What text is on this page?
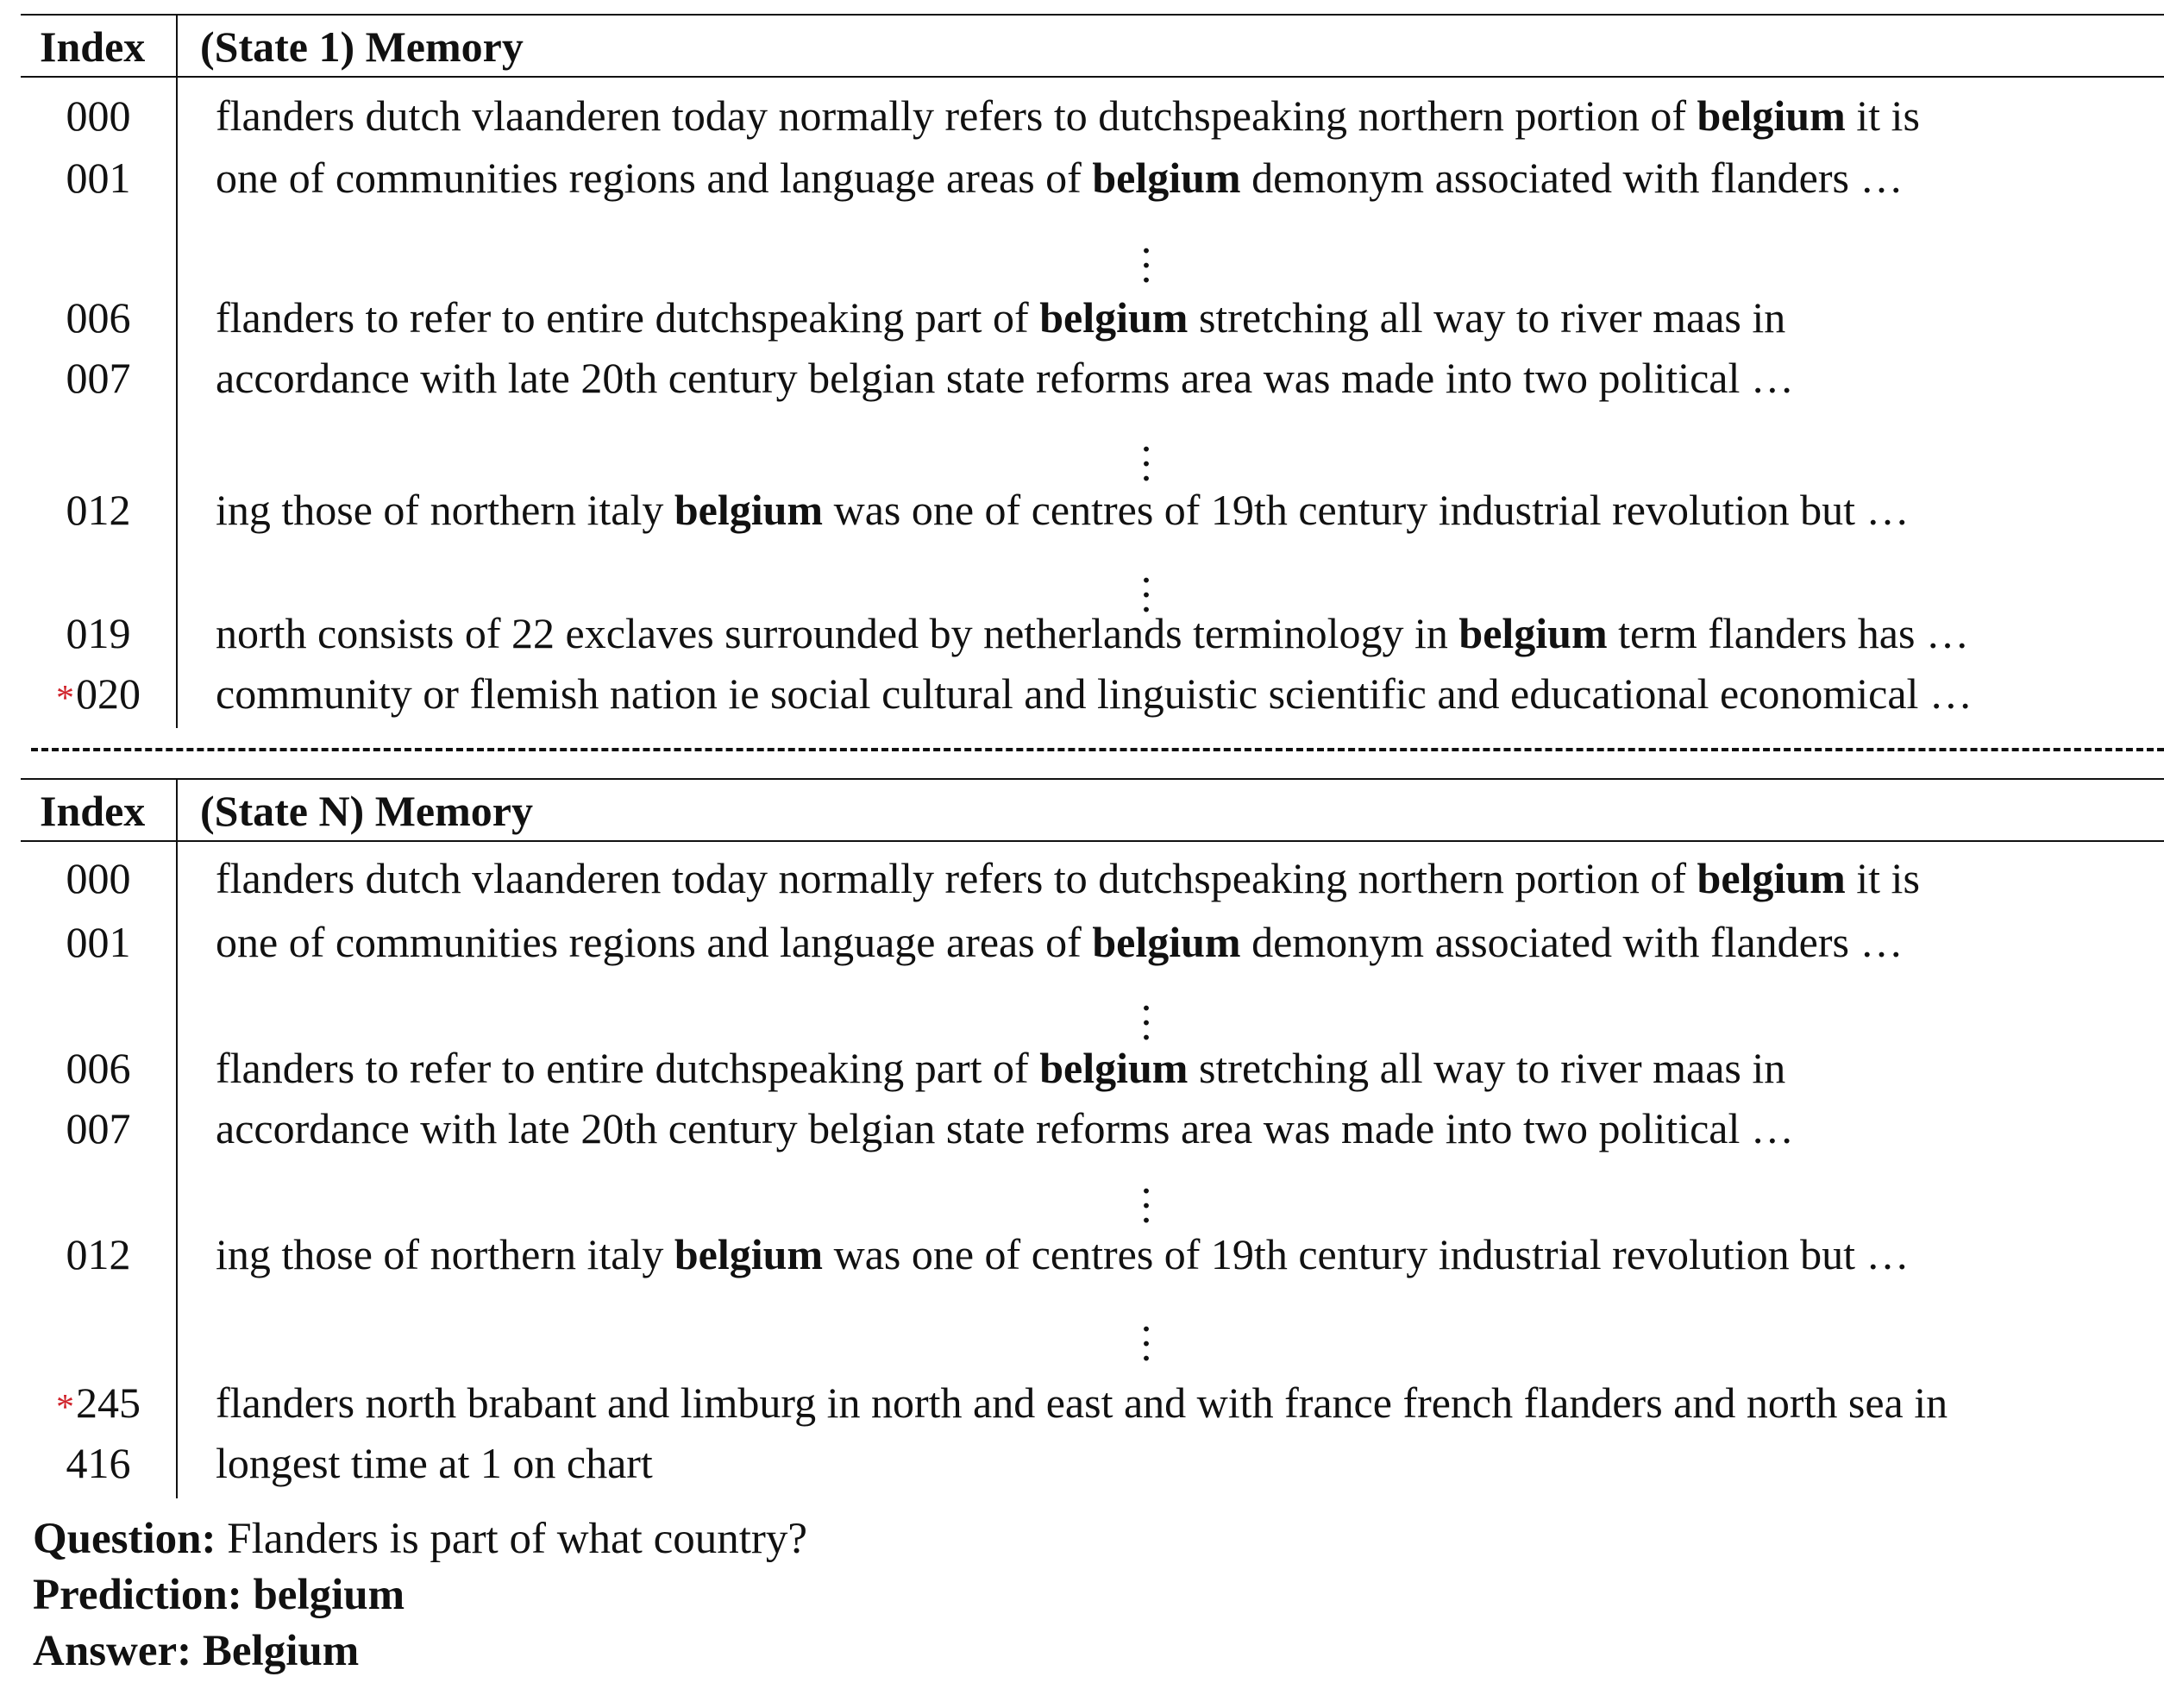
Index (State 1) Memory
000	flanders dutch vlaanderen today normally refers to dutchspeaking northern portion of belgium it is
001	one of communities regions and language areas of belgium demonym associated with flanders …
.
.
.
006	flanders to refer to entire dutchspeaking part of belgium stretching all way to river maas in
007	accordance with late 20th century belgian state reforms area was made into two political …
.
.
.
012	ing those of northern italy belgium was one of centres of 19th century industrial revolution but …
.
.
.
019	north consists of 22 exclaves surrounded by netherlands terminology in belgium term flanders has …
*020	community or flemish nation ie social cultural and linguistic scientific and educational economical …
Index (State N) Memory
000	flanders dutch vlaanderen today normally refers to dutchspeaking northern portion of belgium it is
001	one of communities regions and language areas of belgium demonym associated with flanders …
.
.
.
006	flanders to refer to entire dutchspeaking part of belgium stretching all way to river maas in
007	accordance with late 20th century belgian state reforms area was made into two political …
.
.
.
012	ing those of northern italy belgium was one of centres of 19th century industrial revolution but …
.
.
.
*245	flanders north brabant and limburg in north and east and with france french flanders and north sea in
416	longest time at 1 on chart
Question: Flanders is part of what country?
Prediction: belgium
Answer: Belgium
